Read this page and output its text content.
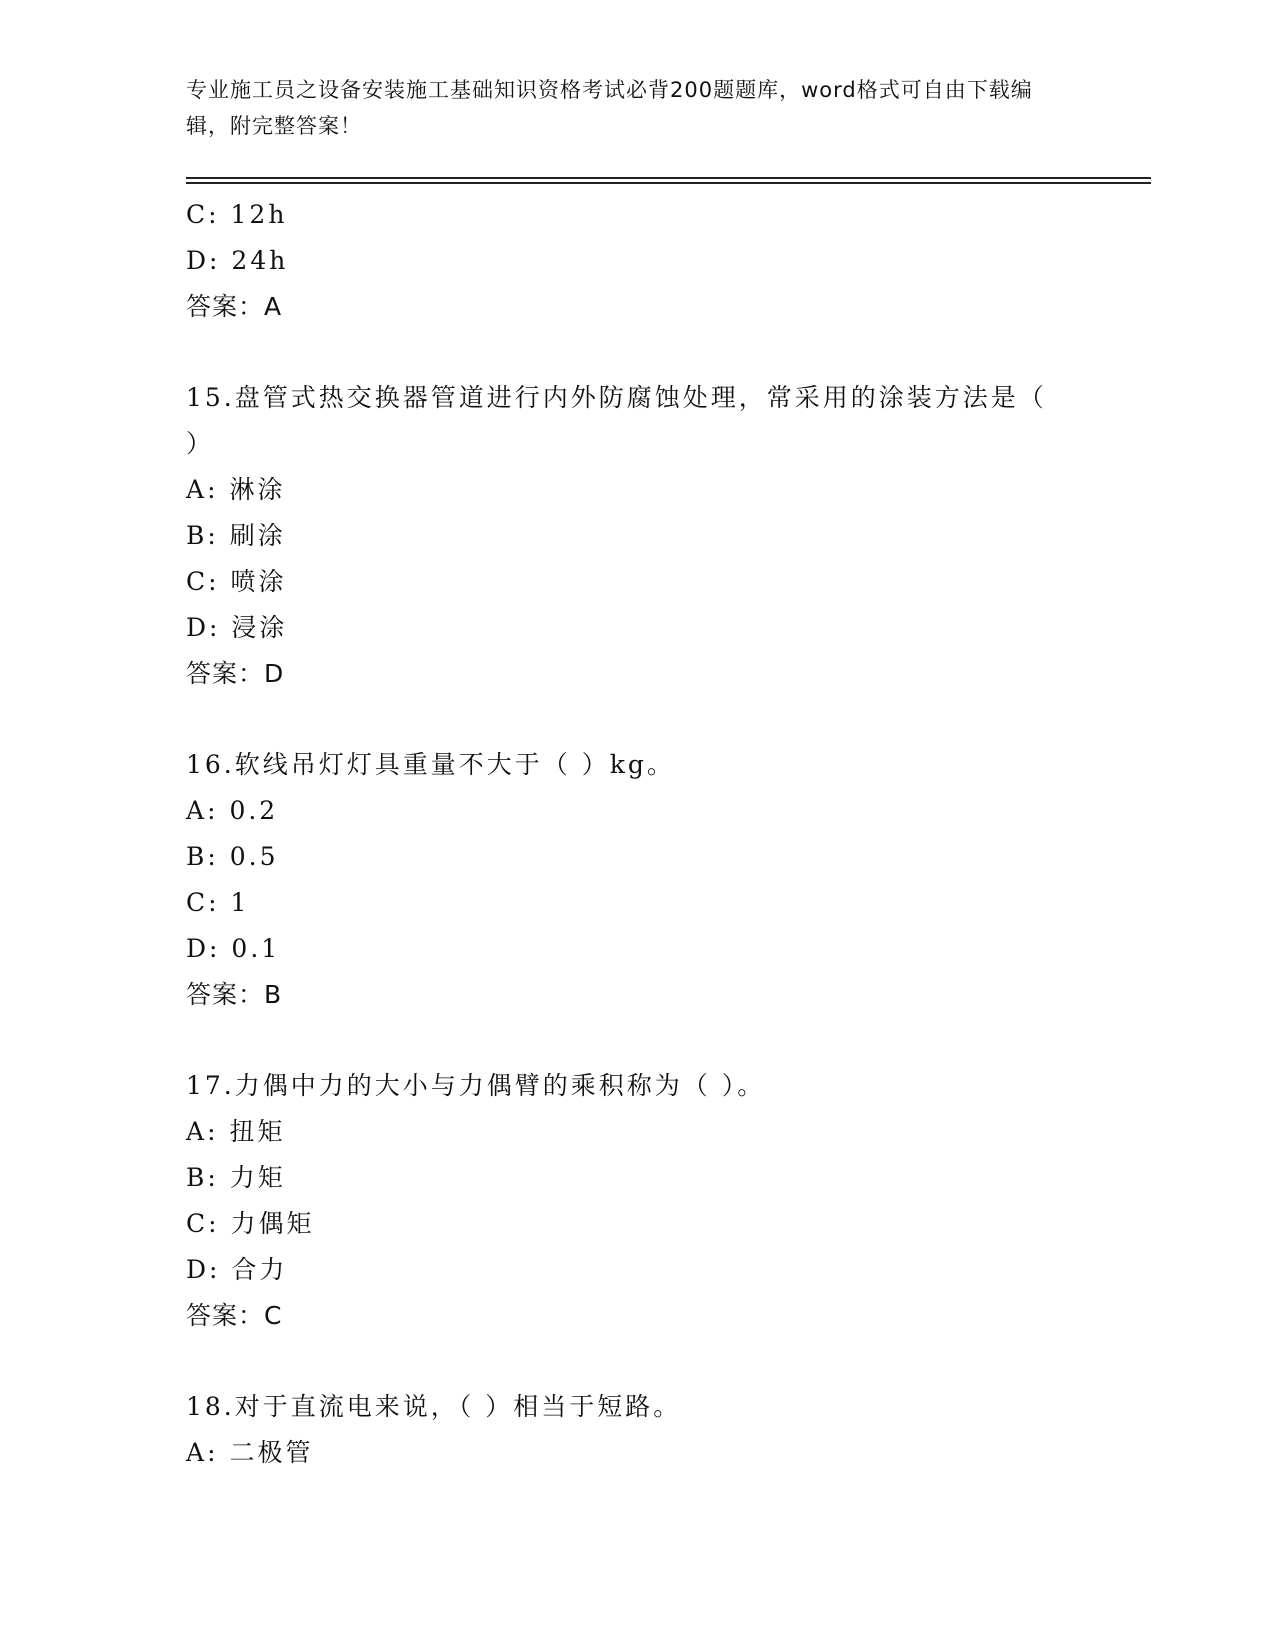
专业施工员之设备安装施工基础知识资格考试必背200题题库，word格式可自由下载编辑，附完整答案！
C: 12h
D: 24h
答案：A
15.盘管式热交换器管道进行内外防腐蚀处理，常采用的涂装方法是（
）
A: 淋涂
B: 刷涂
C: 喷涂
D: 浸涂
答案：D
16.软线吊灯灯具重量不大于（ ）kg。
A: 0.2
B: 0.5
C: 1
D: 0.1
答案：B
17.力偶中力的大小与力偶臂的乘积称为（ ）。
A: 扭矩
B: 力矩
C: 力偶矩
D: 合力
答案：C
18.对于直流电来说，（ ）相当于短路。
A: 二极管
